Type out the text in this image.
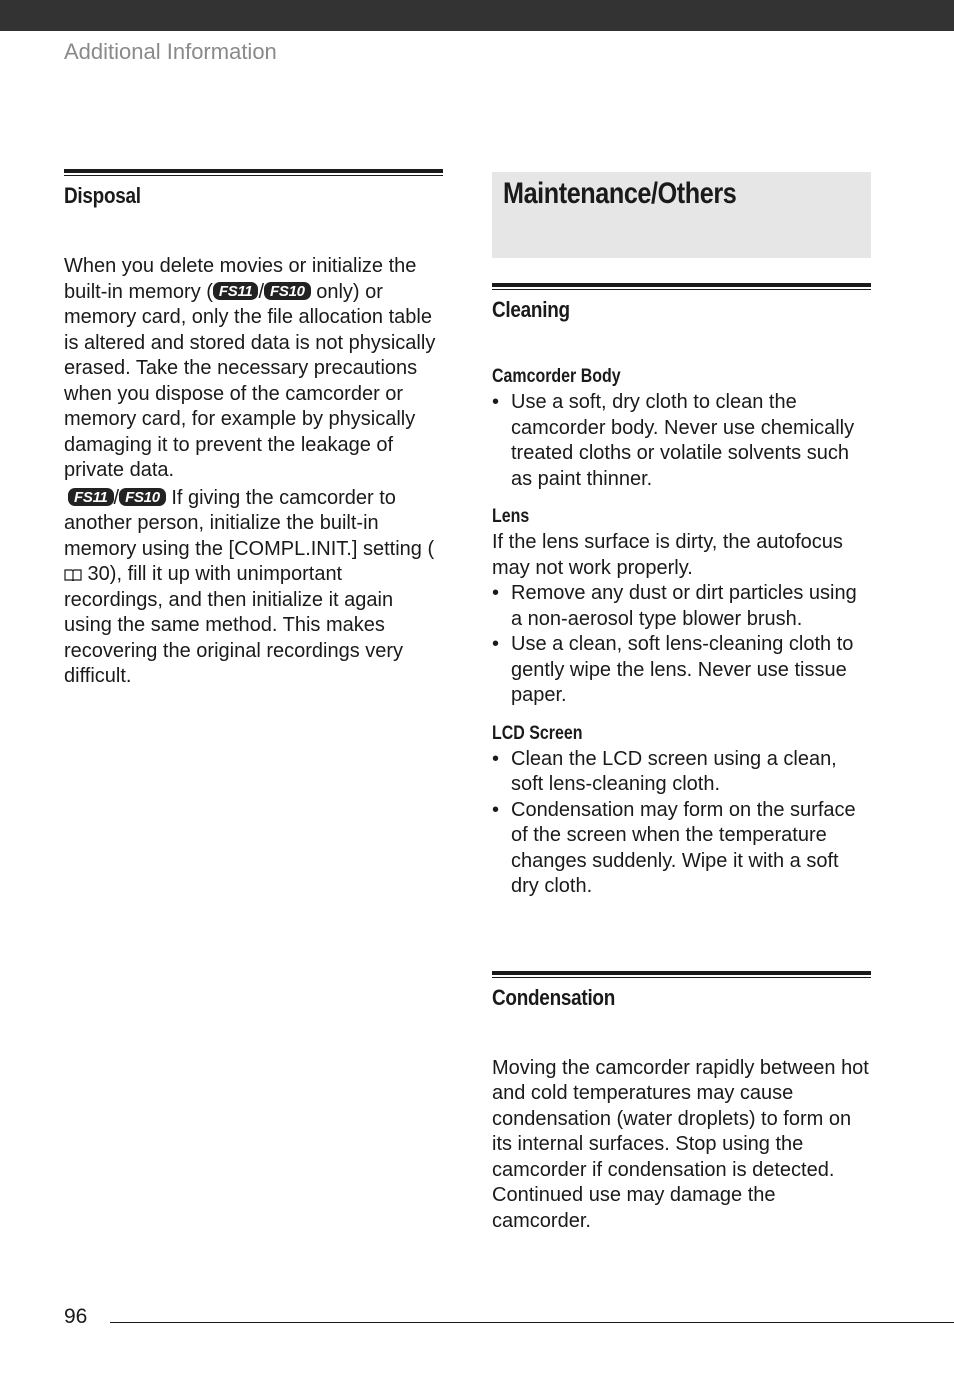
Additional Information
Disposal
When you delete movies or initialize the built-in memory ( FS11 / FS10 only) or memory card, only the file allocation table is altered and stored data is not physically erased. Take the necessary precautions when you dispose of the camcorder or memory card, for example by physically damaging it to prevent the leakage of private data.
FS11 / FS10 If giving the camcorder to another person, initialize the built-in memory using the [COMPL.INIT.] setting ( 30), fill it up with unimportant recordings, and then initialize it again using the same method. This makes recovering the original recordings very difficult.
Maintenance/Others
Cleaning
Camcorder Body
• Use a soft, dry cloth to clean the camcorder body. Never use chemically treated cloths or volatile solvents such as paint thinner.
Lens
If the lens surface is dirty, the autofocus may not work properly.
• Remove any dust or dirt particles using a non-aerosol type blower brush.
• Use a clean, soft lens-cleaning cloth to gently wipe the lens. Never use tissue paper.
LCD Screen
• Clean the LCD screen using a clean, soft lens-cleaning cloth.
• Condensation may form on the surface of the screen when the temperature changes suddenly. Wipe it with a soft dry cloth.
Condensation
Moving the camcorder rapidly between hot and cold temperatures may cause condensation (water droplets) to form on its internal surfaces. Stop using the camcorder if condensation is detected. Continued use may damage the camcorder.
96
